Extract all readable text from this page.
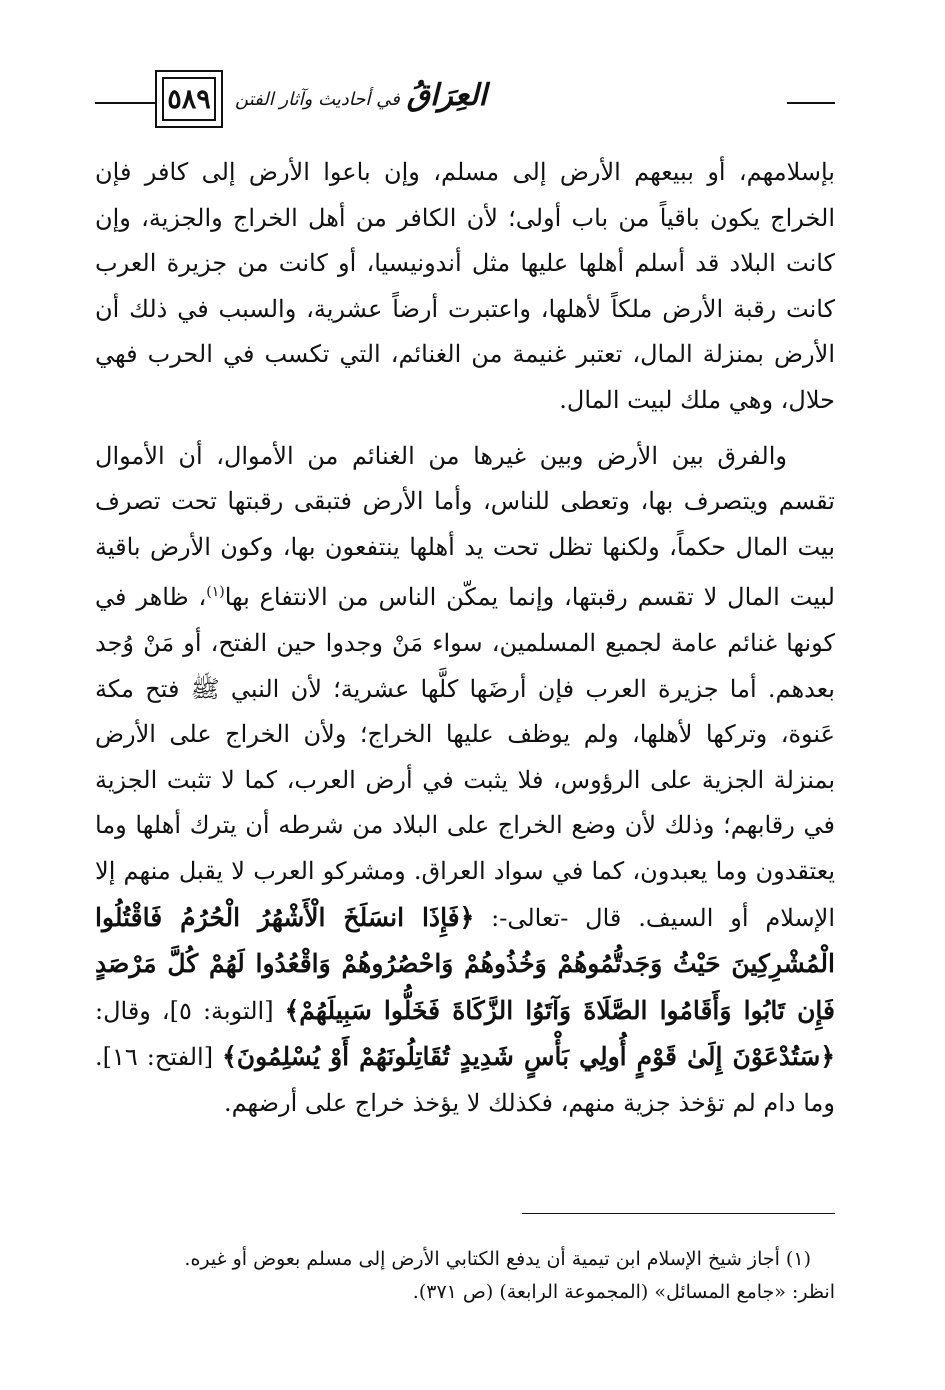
٥٨٩	العِرَاقُ في أحاديث وآثار الفتن

بإسلامهم، أو ببيعهم الأرض إلى مسلم، وإن باعوا الأرض إلى كافر فإن الخراج يكون باقياً من باب أولى؛ لأن الكافر من أهل الخراج والجزية، وإن كانت البلاد قد أسلم أهلها عليها مثل أندونيسيا، أو كانت من جزيرة العرب كانت رقبة الأرض ملكاً لأهلها، واعتبرت أرضاً عشرية، والسبب في ذلك أن الأرض بمنزلة المال، تعتبر غنيمة من الغنائم، التي تكسب في الحرب فهي حلال، وهي ملك لبيت المال.

والفرق بين الأرض وبين غيرها من الغنائم من الأموال، أن الأموال تقسم ويتصرف بها، وتعطى للناس، وأما الأرض فتبقى رقبتها تحت تصرف بيت المال حكماً، ولكنها تظل تحت يد أهلها ينتفعون بها، وكون الأرض باقية لبيت المال لا تقسم رقبتها، وإنما يمكّن الناس من الانتفاع بها$^{(١)}$، ظاهر في كونها غنائم عامة لجميع المسلمين، سواء مَنْ وجدوا حين الفتح، أو مَنْ وُجد بعدهم. أما جزيرة العرب فإن أرضَها كلَّها عشرية؛ لأن النبي ﷺ فتح مكة عَنوة، وتركها لأهلها، ولم يوظف عليها الخراج؛ ولأن الخراج على الأرض بمنزلة الجزية على الرؤوس، فلا يثبت في أرض العرب، كما لا تثبت الجزية في رقابهم؛ وذلك لأن وضع الخراج على البلاد من شرطه أن يترك أهلها وما يعتقدون وما يعبدون، كما في سواد العراق. ومشركو العرب لا يقبل منهم إلا الإسلام أو السيف. قال -تعالى-: ﴿فَإِذَا انسَلَخَ الْأَشْهُرُ الْحُرُمُ فَاقْتُلُوا الْمُشْرِكِينَ حَيْثُ وَجَدتُّمُوهُمْ وَخُذُوهُمْ وَاحْصُرُوهُمْ وَاقْعُدُوا لَهُمْ كُلَّ مَرْصَدٍ فَإِن تَابُوا وَأَقَامُوا الصَّلَاةَ وَآتَوُا الزَّكَاةَ فَخَلُّوا سَبِيلَهُمْ﴾ [التوبة: ٥]، وقال: ﴿سَتُدْعَوْنَ إِلَىٰ قَوْمٍ أُولِي بَأْسٍ شَدِيدٍ تُقَاتِلُونَهُمْ أَوْ يُسْلِمُونَ﴾ [الفتح: ١٦]. وما دام لم تؤخذ جزية منهم، فكذلك لا يؤخذ خراج على أرضهم.

(١) أجاز شيخ الإسلام ابن تيمية أن يدفع الكتابي الأرض إلى مسلم بعوض أو غيره.

انظر: «جامع المسائل» (المجموعة الرابعة) (ص ٣٧١).
